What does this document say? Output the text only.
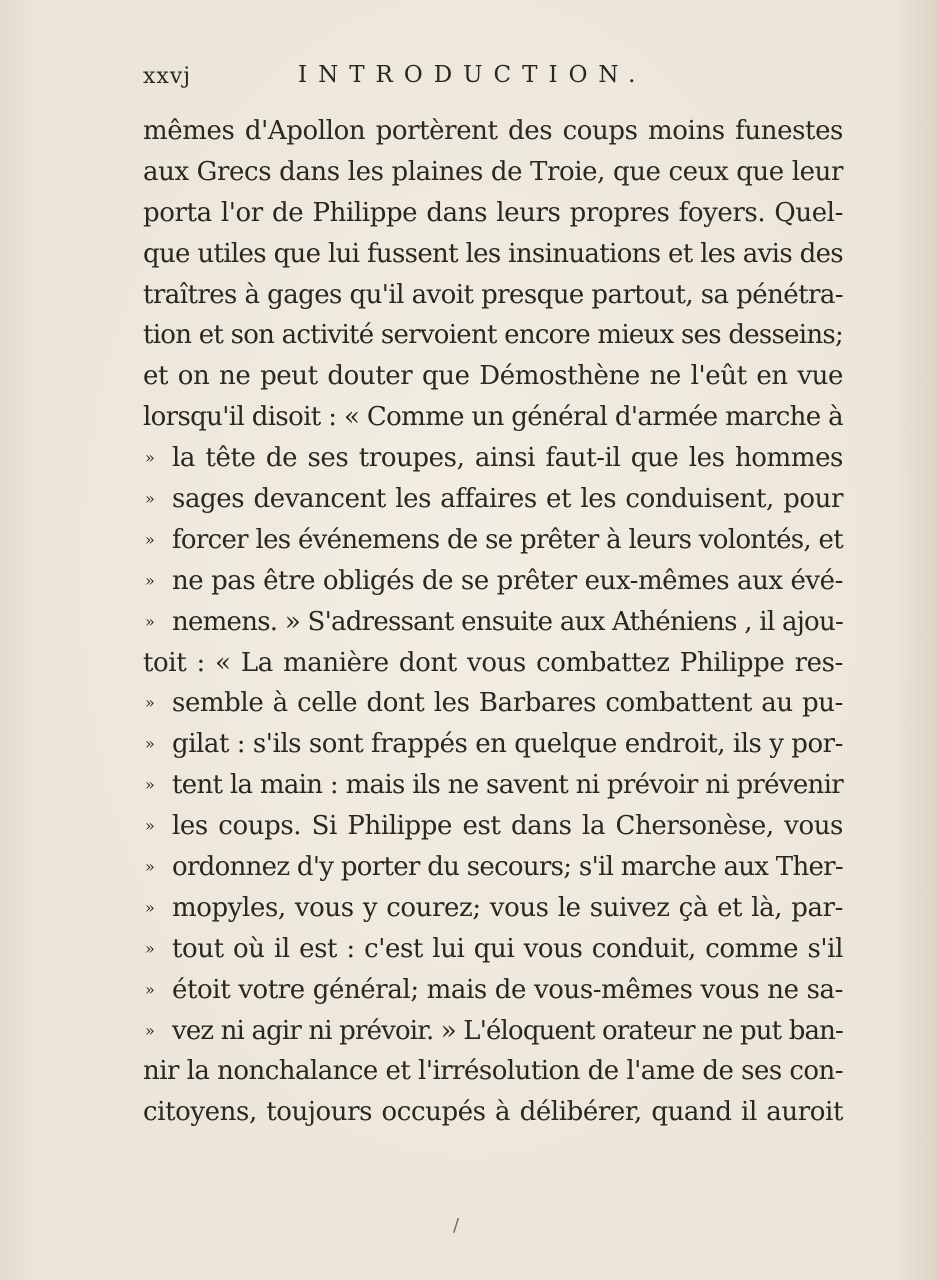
xxvj	INTRODUCTION.
mêmes d'Apollon portèrent des coups moins funestes
aux Grecs dans les plaines de Troie, que ceux que leur
porta l'or de Philippe dans leurs propres foyers. Quel-
que utiles que lui fussent les insinuations et les avis des
traîtres à gages qu'il avoit presque partout, sa pénétra-
tion et son activité servoient encore mieux ses desseins;
et on ne peut douter que Démosthène ne l'eût en vue
lorsqu'il disoit : « Comme un général d'armée marche à
» la tête de ses troupes, ainsi faut-il que les hommes
» sages devancent les affaires et les conduisent, pour
» forcer les événemens de se prêter à leurs volontés, et
» ne pas être obligés de se prêter eux-mêmes aux évé-
» nemens. » S'adressant ensuite aux Athéniens , il ajou-
toit : « La manière dont vous combattez Philippe res-
» semble à celle dont les Barbares combattent au pu-
» gilat : s'ils sont frappés en quelque endroit, ils y por-
» tent la main : mais ils ne savent ni prévoir ni prévenir
» les coups. Si Philippe est dans la Chersonèse, vous
» ordonnez d'y porter du secours; s'il marche aux Ther-
» mopyles, vous y courez; vous le suivez çà et là, par-
» tout où il est : c'est lui qui vous conduit, comme s'il
» étoit votre général; mais de vous-mêmes vous ne sa-
» vez ni agir ni prévoir. » L'éloquent orateur ne put ban-
nir la nonchalance et l'irrésolution de l'ame de ses con-
citoyens, toujours occupés à délibérer, quand il auroit
/
